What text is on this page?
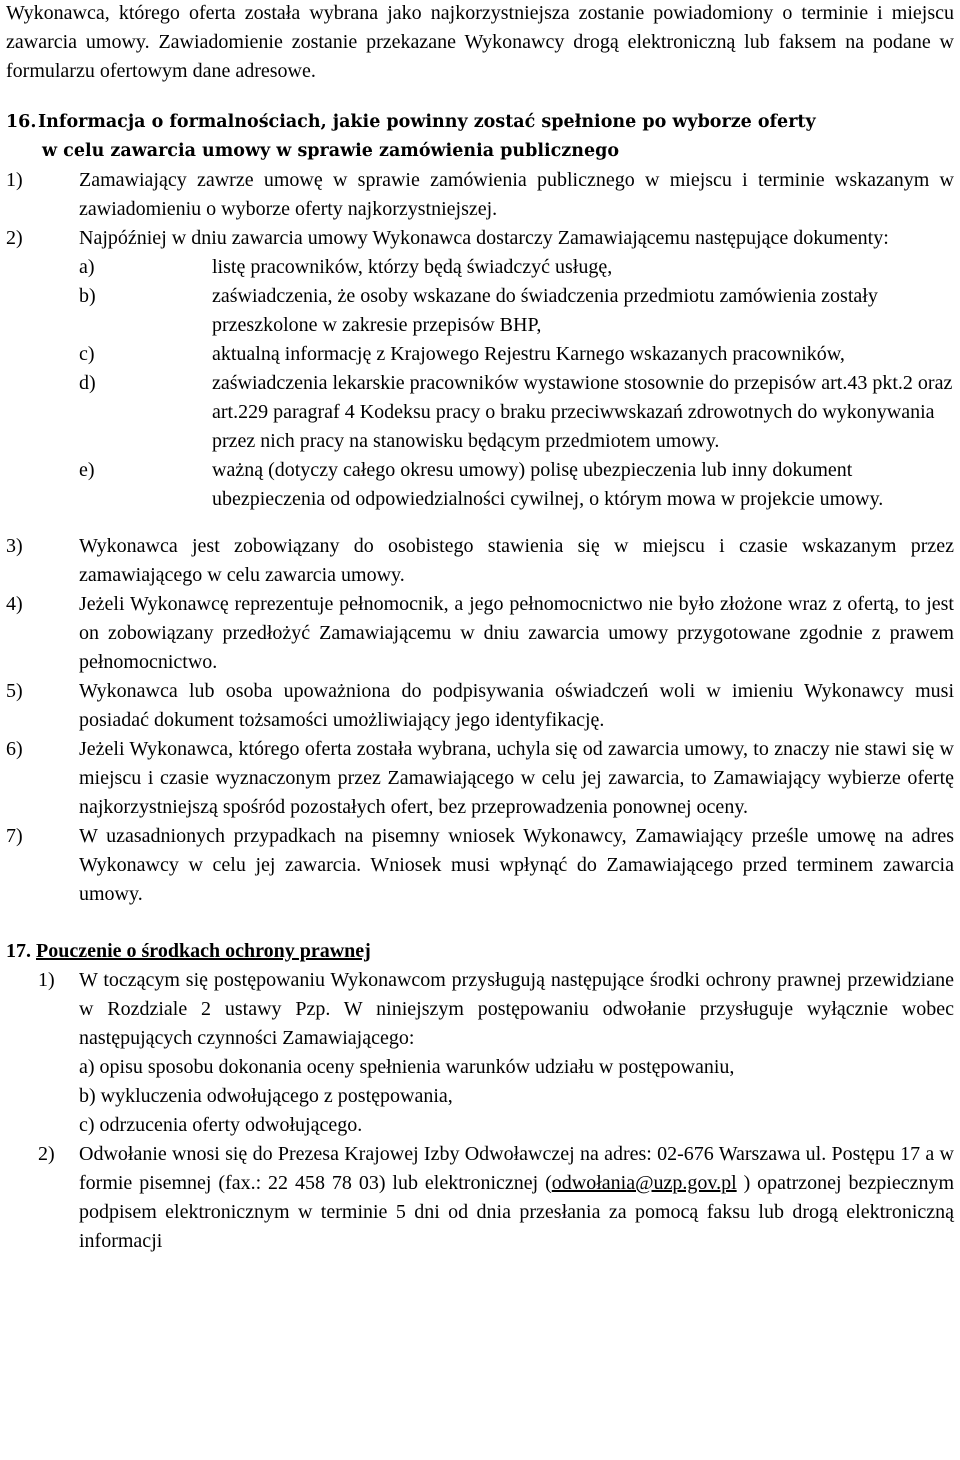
Wykonawca, którego oferta została wybrana jako najkorzystniejsza zostanie powiadomiony o terminie i miejscu zawarcia umowy. Zawiadomienie zostanie przekazane Wykonawcy drogą elektroniczną lub faksem na podane w formularzu ofertowym dane adresowe.

16.Informacja o formalnościach, jakie powinny zostać spełnione po wyborze oferty
w celu zawarcia umowy w sprawie zamówienia publicznego
1)	Zamawiający zawrze umowę w sprawie zamówienia publicznego w miejscu i terminie wskazanym w zawiadomieniu o wyborze oferty najkorzystniejszej.

2)	Najpóźniej w dniu zawarcia umowy Wykonawca dostarczy Zamawiającemu następujące dokumenty:

a)	listę pracowników, którzy będą świadczyć usługę,
b)	zaświadczenia, że osoby wskazane do świadczenia przedmiotu zamówienia zostały przeszkolone w zakresie przepisów BHP,
c)	aktualną informację z Krajowego Rejestru Karnego wskazanych pracowników,
d)	zaświadczenia lekarskie pracowników wystawione stosownie do przepisów art.43 pkt.2 oraz art.229 paragraf 4 Kodeksu pracy o braku przeciwwskazań zdrowotnych do wykonywania przez nich pracy na stanowisku będącym przedmiotem umowy.
e)	ważną (dotyczy całego okresu umowy) polisę ubezpieczenia lub inny dokument ubezpieczenia od odpowiedzialności cywilnej, o którym mowa w projekcie umowy.
3)	Wykonawca jest zobowiązany do osobistego stawienia się w miejscu i czasie wskazanym przez zamawiającego w celu zawarcia umowy.

4)	Jeżeli Wykonawcę reprezentuje pełnomocnik, a jego pełnomocnictwo nie było złożone wraz z ofertą, to jest on zobowiązany przedłożyć Zamawiającemu w dniu zawarcia umowy przygotowane zgodnie z prawem pełnomocnictwo.

5)	Wykonawca lub osoba upoważniona do podpisywania oświadczeń woli w imieniu Wykonawcy musi posiadać dokument tożsamości umożliwiający jego identyfikację.

6)	Jeżeli Wykonawca, którego oferta została wybrana, uchyla się od zawarcia umowy, to znaczy nie stawi się w miejscu i czasie wyznaczonym przez Zamawiającego w celu jej zawarcia, to Zamawiający wybierze ofertę najkorzystniejszą spośród pozostałych ofert, bez przeprowadzenia ponownej oceny.

7)	W uzasadnionych przypadkach na pisemny wniosek Wykonawcy, Zamawiający prześle umowę na adres Wykonawcy w celu jej zawarcia. Wniosek musi wpłynąć do Zamawiającego przed terminem zawarcia umowy.

17. Pouczenie o środkach ochrony prawnej
1) W toczącym się postępowaniu Wykonawcom przysługują następujące środki ochrony prawnej przewidziane w Rozdziale 2 ustawy Pzp. W niniejszym postępowaniu odwołanie przysługuje wyłącznie wobec następujących czynności Zamawiającego:

a) opisu sposobu dokonania oceny spełnienia warunków udziału w postępowaniu,
b) wykluczenia odwołującego z postępowania,
c) odrzucenia oferty odwołującego.
2) Odwołanie wnosi się do Prezesa Krajowej Izby Odwoławczej na adres: 02-676 Warszawa ul. Postępu 17 a w formie pisemnej (fax.: 22 458 78 03) lub elektronicznej (odwołania@uzp.gov.pl ) opatrzonej bezpiecznym podpisem elektronicznym w terminie 5 dni od dnia przesłania za pomocą faksu lub drogą elektroniczną informacji
